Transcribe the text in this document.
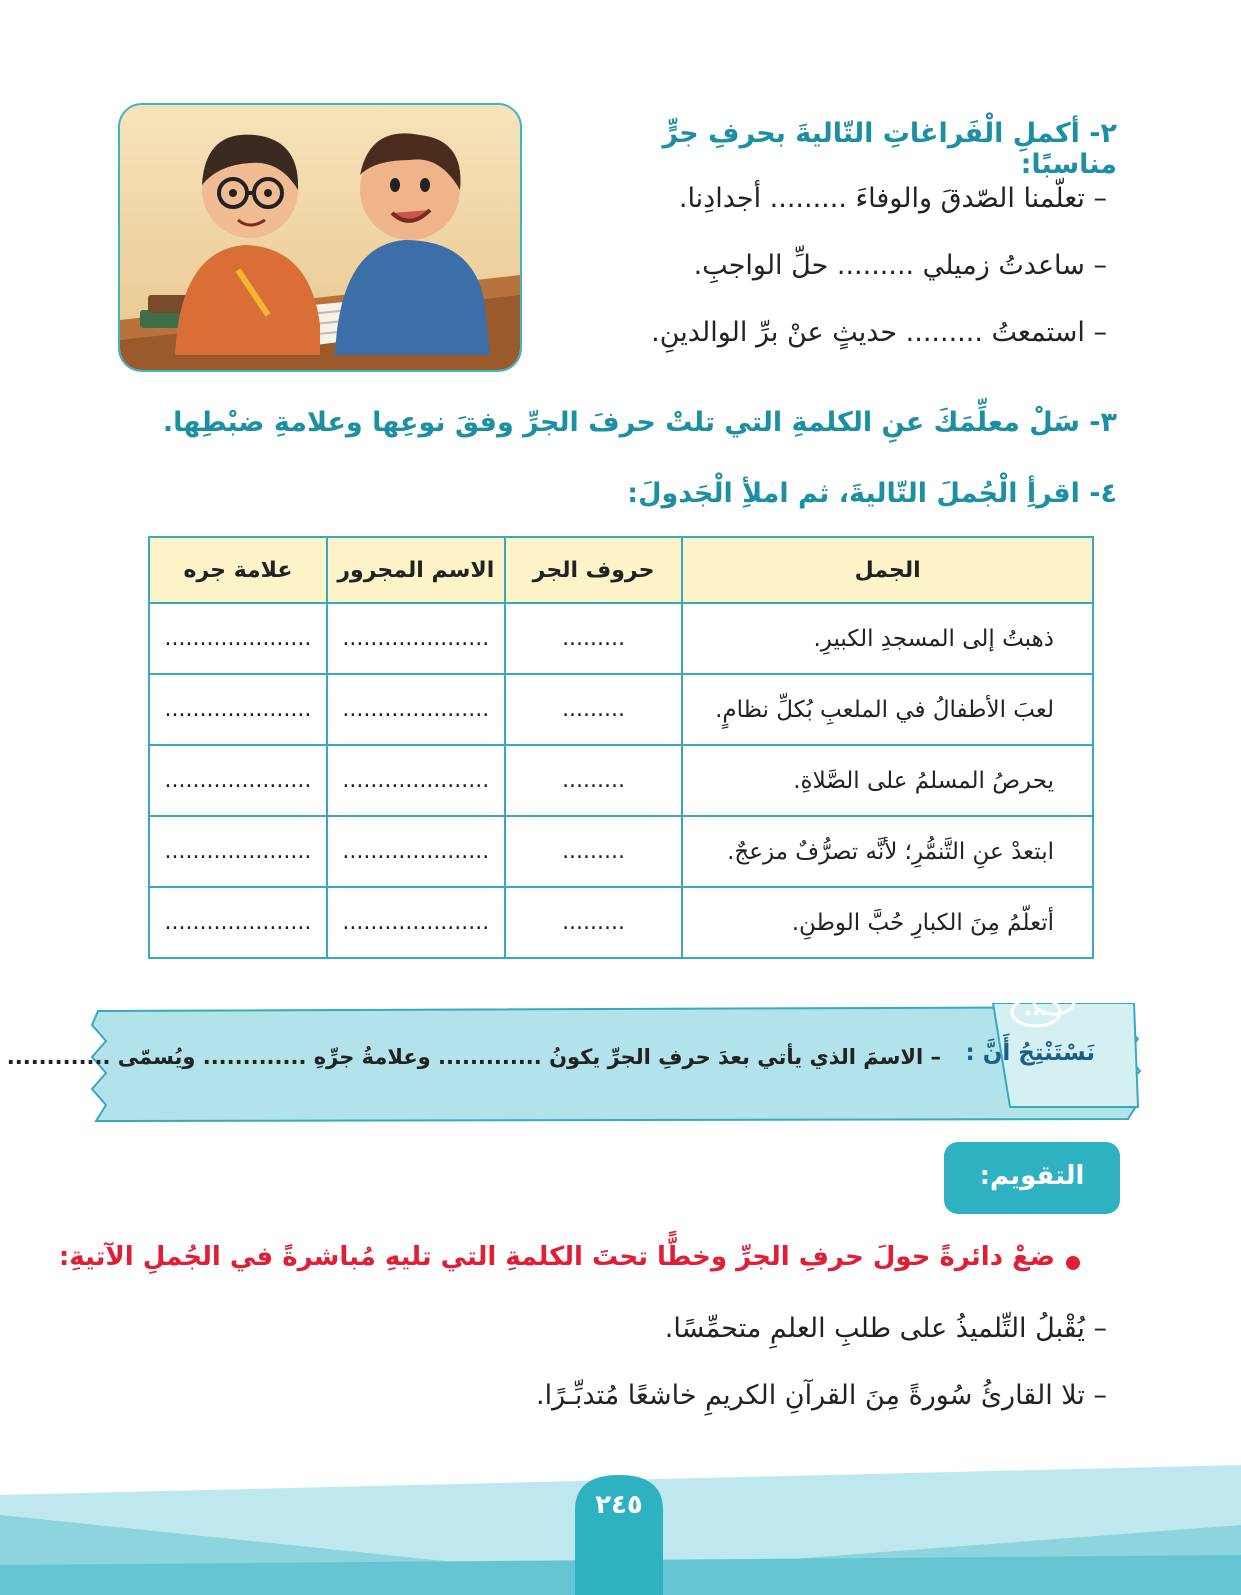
٢- أكملِ الْفَراغاتِ التّاليةَ بحرفِ جرٍّ مناسبًا:
– تعلّمنا الصّدقَ والوفاءَ ......... أجدادِنا.
– ساعدتُ زميلي ......... حلِّ الواجبِ.
– استمعتُ ......... حديثٍ عنْ برِّ الوالدينِ.
٣- سَلْ معلِّمَكَ عنِ الكلمةِ التي تلتْ حرفَ الجرِّ وفقَ نوعِها وعلامةِ ضبْطِها.
٤- اقرأِ الْجُملَ التّاليةَ، ثم املأِ الْجَدولَ:
الجمل	حروف الجر	الاسم المجرور	علامة جره
ذهبتُ إلى المسجدِ الكبيرِ.	.........	.....................	.....................
لعبَ الأطفالُ في الملعبِ بُكلِّ نظامٍ.	.........	.....................	.....................
يحرصُ المسلمُ على الصَّلاةِ.	.........	.....................	.....................
ابتعدْ عنِ التَّنمُّرِ؛ لأنَّه تصرُّفٌ مزعجٌ.	.........	.....................	.....................
أتعلّمُ مِنَ الكبارِ حُبَّ الوطنِ.	.........	.....................	.....................
نَسْتَنْتِجُ أَنَّ :
– الاسمَ الذي يأتي بعدَ حرفِ الجرِّ يكونُ ............. وعلامةُ جرِّهِ ............. ويُسمّى .............
التقويم:
ضعْ دائرةً حولَ حرفِ الجرِّ وخطًّا تحتَ الكلمةِ التي تليهِ مُباشرةً في الجُملِ الآتيةِ:
– يُقْبلُ التِّلميذُ على طلبِ العلمِ متحمِّسًا.
– تلا القارئُ سُورةً مِنَ القرآنِ الكريمِ خاشعًا مُتدبِّـرًا.
٢٤٥
